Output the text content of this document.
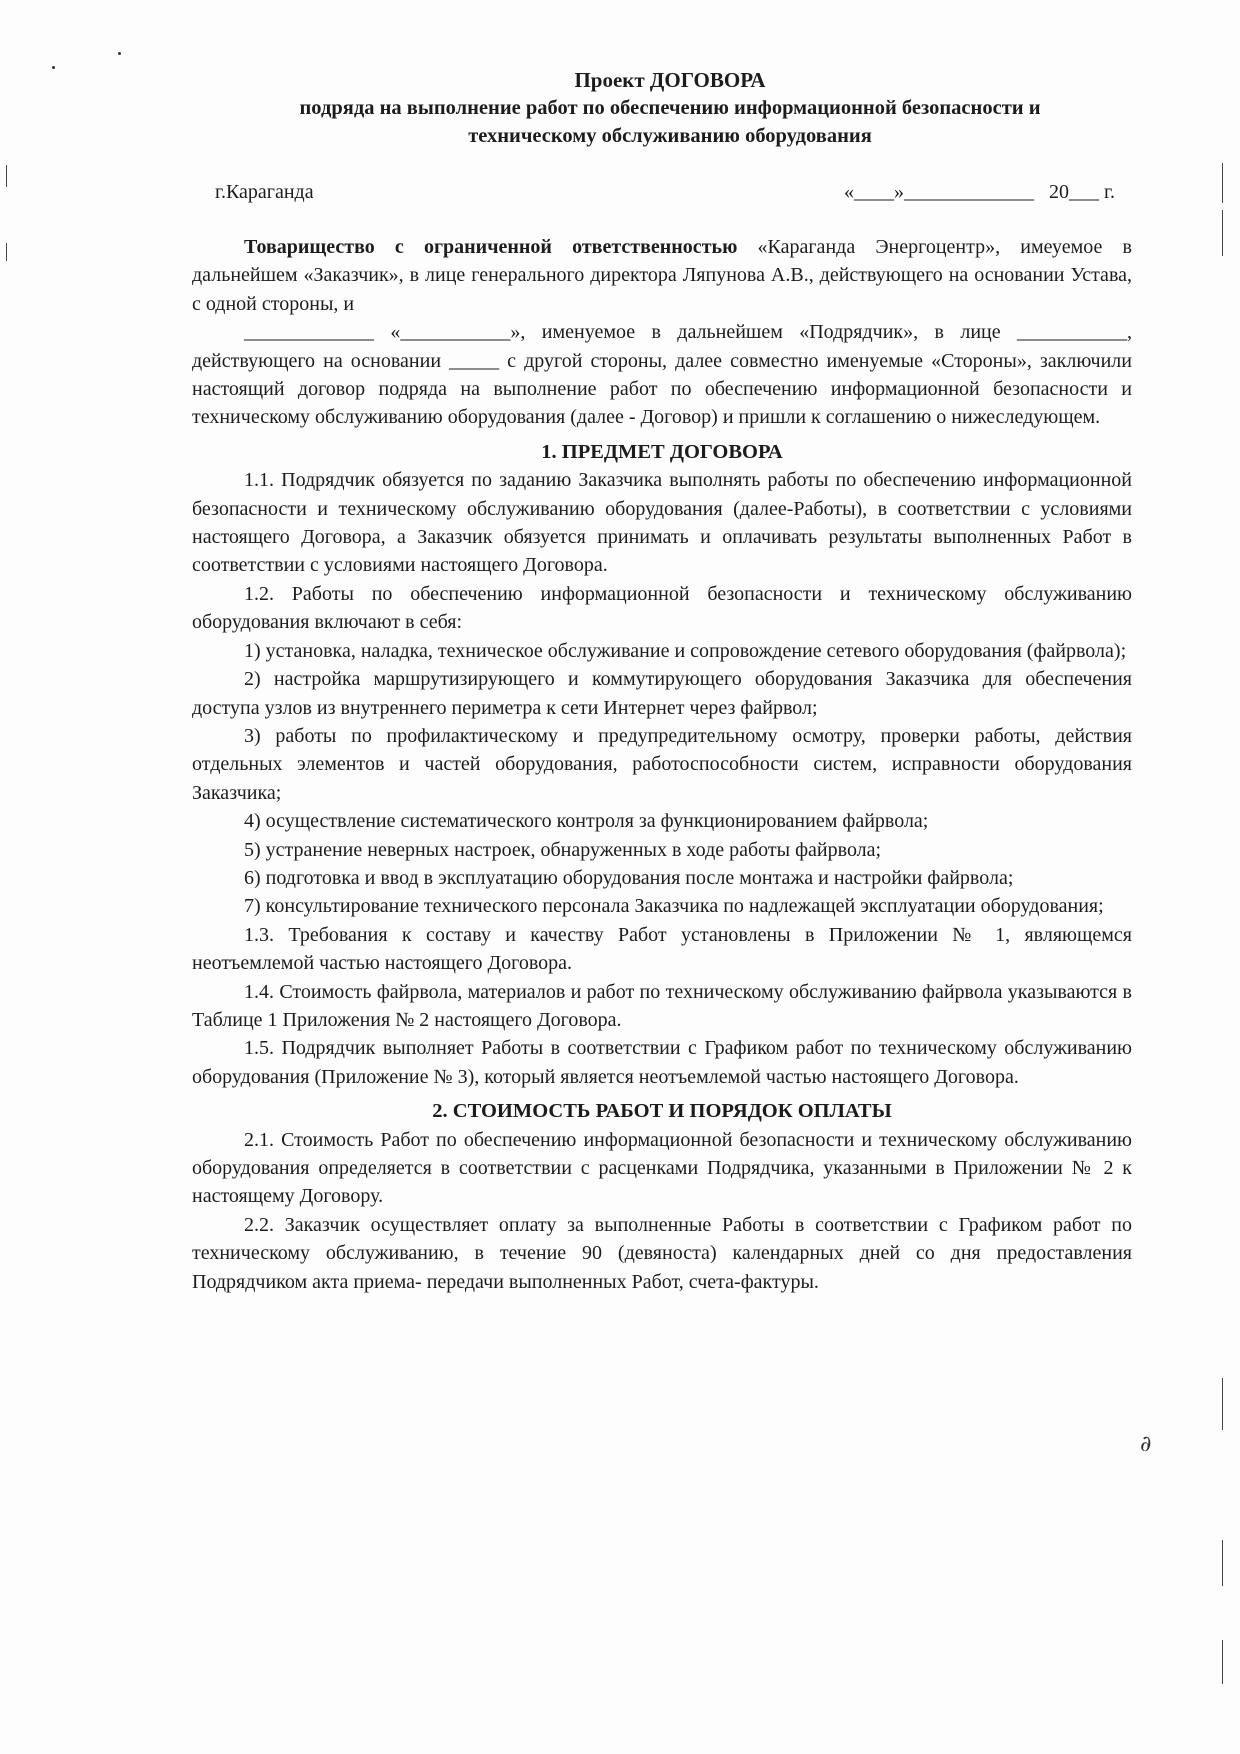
∂
Проект ДОГОВОРА
подряда на выполнение работ по обеспечению информационной безопасности и
техническому обслуживанию оборудования
г.Караганда	«____»_____________   20___ г.

Товарищество с ограниченной ответственностью «Караганда Энергоцентр», имеуемое в дальнейшем «Заказчик», в лице генерального директора Ляпунова А.В., действующего на основании Устава, с одной стороны, и

_____________ «___________», именуемое в дальнейшем «Подрядчик», в лице ___________, действующего на основании _____ с другой стороны, далее совместно именуемые «Стороны», заключили настоящий договор подряда на выполнение работ по обеспечению информационной безопасности и техническому обслуживанию оборудования (далее - Договор) и пришли к соглашению о нижеследующем.

1. ПРЕДМЕТ ДОГОВОРА

1.1. Подрядчик обязуется по заданию Заказчика выполнять работы по обеспечению информационной безопасности и техническому обслуживанию оборудования (далее-Работы), в соответствии с условиями настоящего Договора, а Заказчик обязуется принимать и оплачивать результаты выполненных Работ в соответствии с условиями настоящего Договора.

1.2. Работы по обеспечению информационной безопасности и техническому обслуживанию оборудования включают в себя:

1) установка, наладка, техническое обслуживание и сопровождение сетевого оборудования (файрвола);

2) настройка маршрутизирующего и коммутирующего оборудования Заказчика для обеспечения доступа узлов из внутреннего периметра к сети Интернет через файрвол;

3) работы по профилактическому и предупредительному осмотру, проверки работы, действия отдельных элементов и частей оборудования, работоспособности систем, исправности оборудования Заказчика;

4) осуществление систематического контроля за функционированием файрвола;

5) устранение неверных настроек, обнаруженных в ходе работы файрвола;

6) подготовка и ввод в эксплуатацию оборудования после монтажа и настройки файрвола;

7) консультирование технического персонала Заказчика по надлежащей эксплуатации оборудования;

1.3. Требования к составу и качеству Работ установлены в Приложении № 1, являющемся неотъемлемой частью настоящего Договора.

1.4. Стоимость файрвола, материалов и работ по техническому обслуживанию файрвола указываются в Таблице 1 Приложения № 2 настоящего Договора.

1.5. Подрядчик выполняет Работы в соответствии с Графиком работ по техническому обслуживанию оборудования (Приложение № 3), который является неотъемлемой частью настоящего Договора.

2. СТОИМОСТЬ РАБОТ И ПОРЯДОК ОПЛАТЫ

2.1. Стоимость Работ по обеспечению информационной безопасности и техническому обслуживанию оборудования определяется в соответствии с расценками Подрядчика, указанными в Приложении № 2 к настоящему Договору.

2.2. Заказчик осуществляет оплату за выполненные Работы в соответствии с Графиком работ по техническому обслуживанию, в течение 90 (девяноста) календарных дней со дня предоставления Подрядчиком акта приема- передачи выполненных Работ, счета-фактуры.
